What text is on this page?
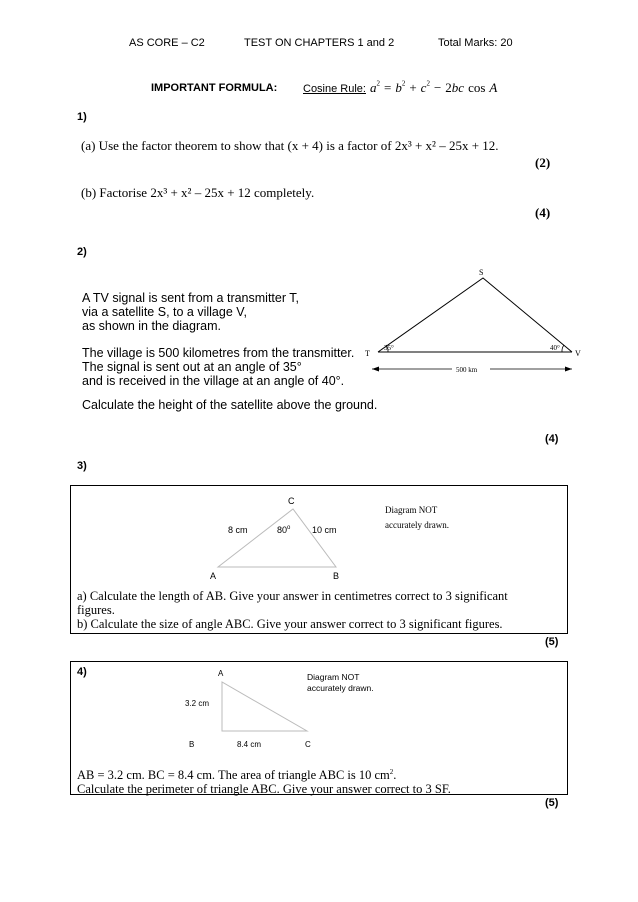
AS CORE – C2	TEST ON CHAPTERS 1 and 2	Total Marks: 20
IMPORTANT FORMULA: Cosine Rule: $a^2 = b^2 + c^2 - 2bc$ cos A
1)
(a) Use the factor theorem to show that (x + 4) is a factor of 2x³ + x² – 25x + 12.
(2)
(b) Factorise 2x³ + x² – 25x + 12 completely.
(4)
2)
A TV signal is sent from a transmitter T,
via a satellite S, to a village V,
as shown in the diagram.
The village is 500 kilometres from the transmitter.
The signal is sent out at an angle of 35°
and is received in the village at an angle of 40°.
Calculate the height of the satellite above the ground.
S
T	V
35°	40°
500 km
(4)
3)
C
A	B
8 cm	10 cm
80$^o$
Diagram NOT
accurately drawn.
a) Calculate the length of AB. Give your answer in centimetres correct to 3 significant
figures.
b) Calculate the size of angle ABC. Give your answer correct to 3 significant figures.
(5)
4)	A
B	C
3.2 cm
8.4 cm
Diagram NOT
accurately drawn.
AB = 3.2 cm. BC = 8.4 cm. The area of triangle ABC is 10 $cm^2$.
Calculate the perimeter of triangle ABC. Give your answer correct to 3 SF.
(5)
